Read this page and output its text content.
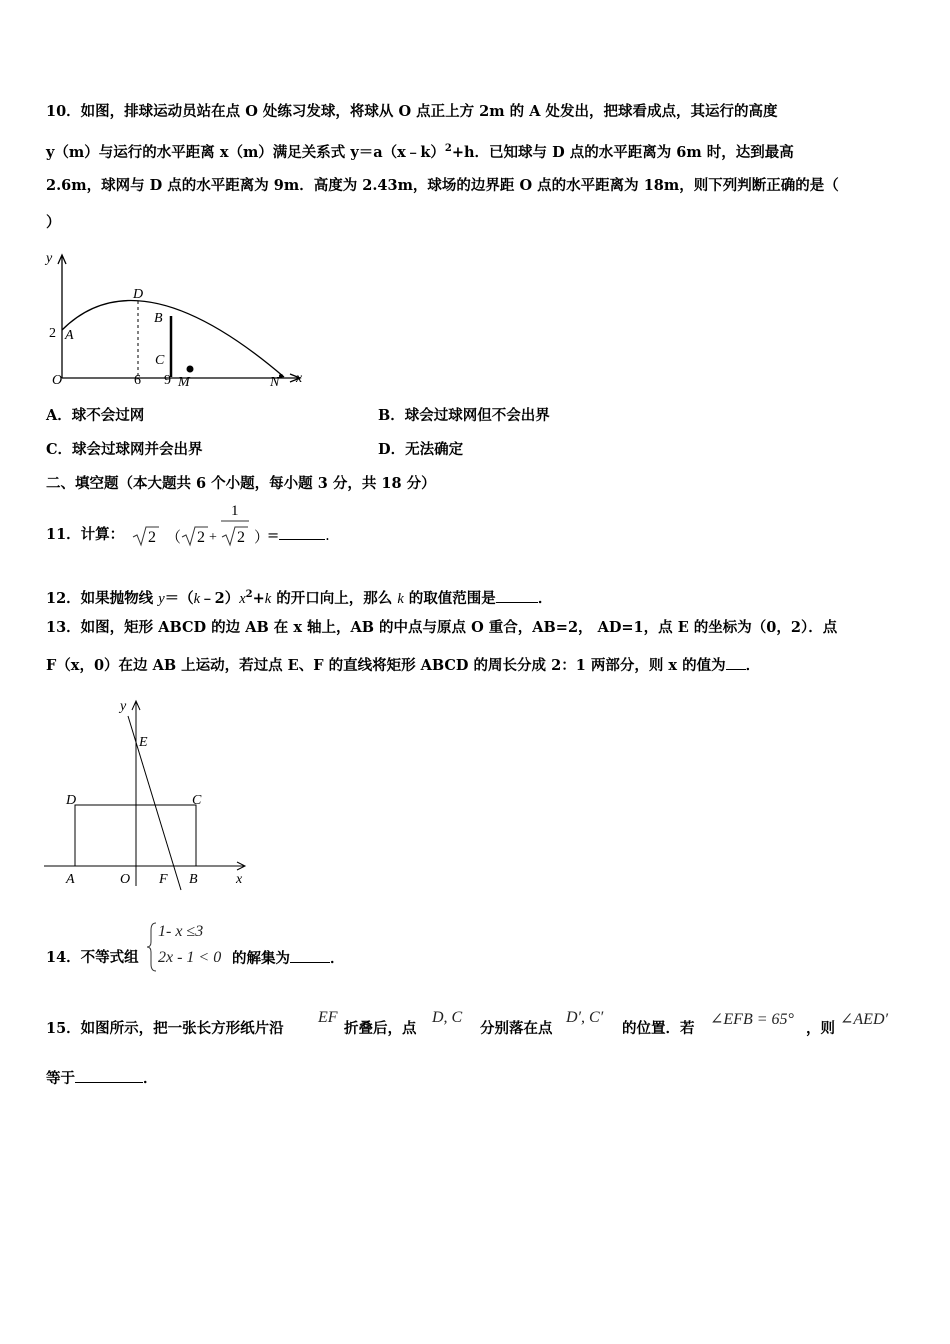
10．如图，排球运动员站在点 O 处练习发球，将球从 O 点正上方 2m 的 A 处发出，把球看成点，其运行的高度
y（m）与运行的水平距离 x（m）满足关系式 y＝a（x﹣k）$^2$+h．已知球与 D 点的水平距离为 6m 时，达到最高
2.6m，球网与 D 点的水平距离为 9m．高度为 2.43m，球场的边界距 O 点的水平距离为 18m，则下列判断正确的是（
）
y
x
2 A
D
B
C
O	6 9 M	N
A．球不会过网	B．球会过球网但不会出界
C．球会过球网并会出界	D．无法确定
二、填空题（本大题共 6 个小题，每小题 3 分，共 18 分）
11．计算： 2 （ 2 +
1
2 ）
=	.
12．如果抛物线 $y=(k﹣2)x^2+k$ 的开口向上，那么 k 的取值范围是	．
13．如图，矩形 ABCD 的边 AB 在 x 轴上，AB 的中点与原点 O 重合，AB=2， AD=1，点 E 的坐标为（0，2）．点
F（x，0）在边 AB 上运动，若过点 E、F 的直线将矩形 ABCD 的周长分成 2：1 两部分，则 x 的值为 ．
y
E
D	C
A	O F B	x
14．不等式组
1- x ≤3
2x - 1 < 0 的解集为	．
15．如图所示，把一张长方形纸片沿
EF
折叠后，点
D, C
分别落在点
D′, C′
的位置．若
∠EFB = 65°
，则
∠AED′
等于	．
